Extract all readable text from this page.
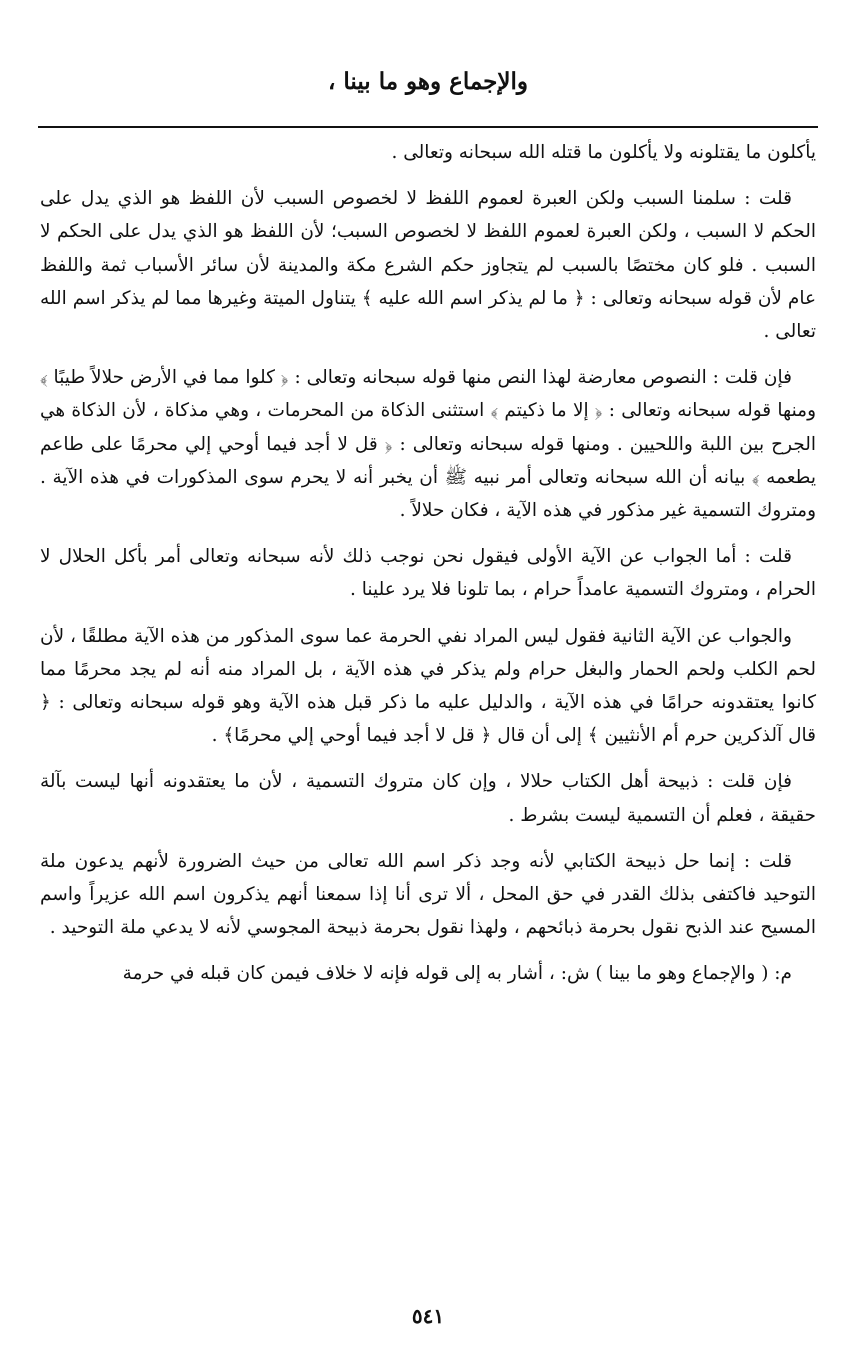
والإجماع وهو ما بينا ،

يأكلون ما يقتلونه ولا يأكلون ما قتله الله سبحانه وتعالى .

قلت : سلمنا السبب ولكن العبرة لعموم اللفظ لا لخصوص السبب لأن اللفظ هو الذي يدل على الحكم لا السبب ، ولكن العبرة لعموم اللفظ لا لخصوص السبب؛ لأن اللفظ هو الذي يدل على الحكم لا السبب . فلو كان مختصًا بالسبب لم يتجاوز حكم الشرع مكة والمدينة لأن سائر الأسباب ثمة واللفظ عام لأن قوله سبحانه وتعالى : ﴿ ما لم يذكر اسم الله عليه ﴾ يتناول الميتة وغيرها مما لم يذكر اسم الله تعالى .

فإن قلت : النصوص معارضة لهذا النص منها قوله سبحانه وتعالى : ﴿ كلوا مما في الأرض حلالاً طيبًا ﴾ ومنها قوله سبحانه وتعالى : ﴿ إلا ما ذكيتم ﴾ استثنى الذكاة من المحرمات ، وهي مذكاة ، لأن الذكاة هي الجرح بين اللبة واللحيين . ومنها قوله سبحانه وتعالى : ﴿ قل لا أجد فيما أوحي إلي محرمًا على طاعم يطعمه ﴾ بيانه أن الله سبحانه وتعالى أمر نبيه ﷺ أن يخبر أنه لا يحرم سوى المذكورات في هذه الآية . ومتروك التسمية غير مذكور في هذه الآية ، فكان حلالاً .

قلت : أما الجواب عن الآية الأولى فيقول نحن نوجب ذلك لأنه سبحانه وتعالى أمر بأكل الحلال لا الحرام ، ومتروك التسمية عامداً حرام ، بما تلونا فلا يرد علينا .

والجواب عن الآية الثانية فقول ليس المراد نفي الحرمة عما سوى المذكور من هذه الآية مطلقًا ، لأن لحم الكلب ولحم الحمار والبغل حرام ولم يذكر في هذه الآية ، بل المراد منه أنه لم يجد محرمًا مما كانوا يعتقدونه حرامًا في هذه الآية ، والدليل عليه ما ذكر قبل هذه الآية وهو قوله سبحانه وتعالى : ﴿ قال آلذكرين حرم أم الأنثيين ﴾ إلى أن قال ﴿ قل لا أجد فيما أوحي إلي محرمًا﴾ .

فإن قلت : ذبيحة أهل الكتاب حلالا ، وإن كان متروك التسمية ، لأن ما يعتقدونه أنها ليست بآلة حقيقة ، فعلم أن التسمية ليست بشرط .

قلت : إنما حل ذبيحة الكتابي لأنه وجد ذكر اسم الله تعالى من حيث الضرورة لأنهم يدعون ملة التوحيد فاكتفى بذلك القدر في حق المحل ، ألا ترى أنا إذا سمعنا أنهم يذكرون اسم الله عزيراً واسم المسيح عند الذبح نقول بحرمة ذبائحهم ، ولهذا نقول بحرمة ذبيحة المجوسي لأنه لا يدعي ملة التوحيد .

م: ( والإجماع وهو ما بينا ) ش: ، أشار به إلى قوله فإنه لا خلاف فيمن كان قبله في حرمة

٥٤١
